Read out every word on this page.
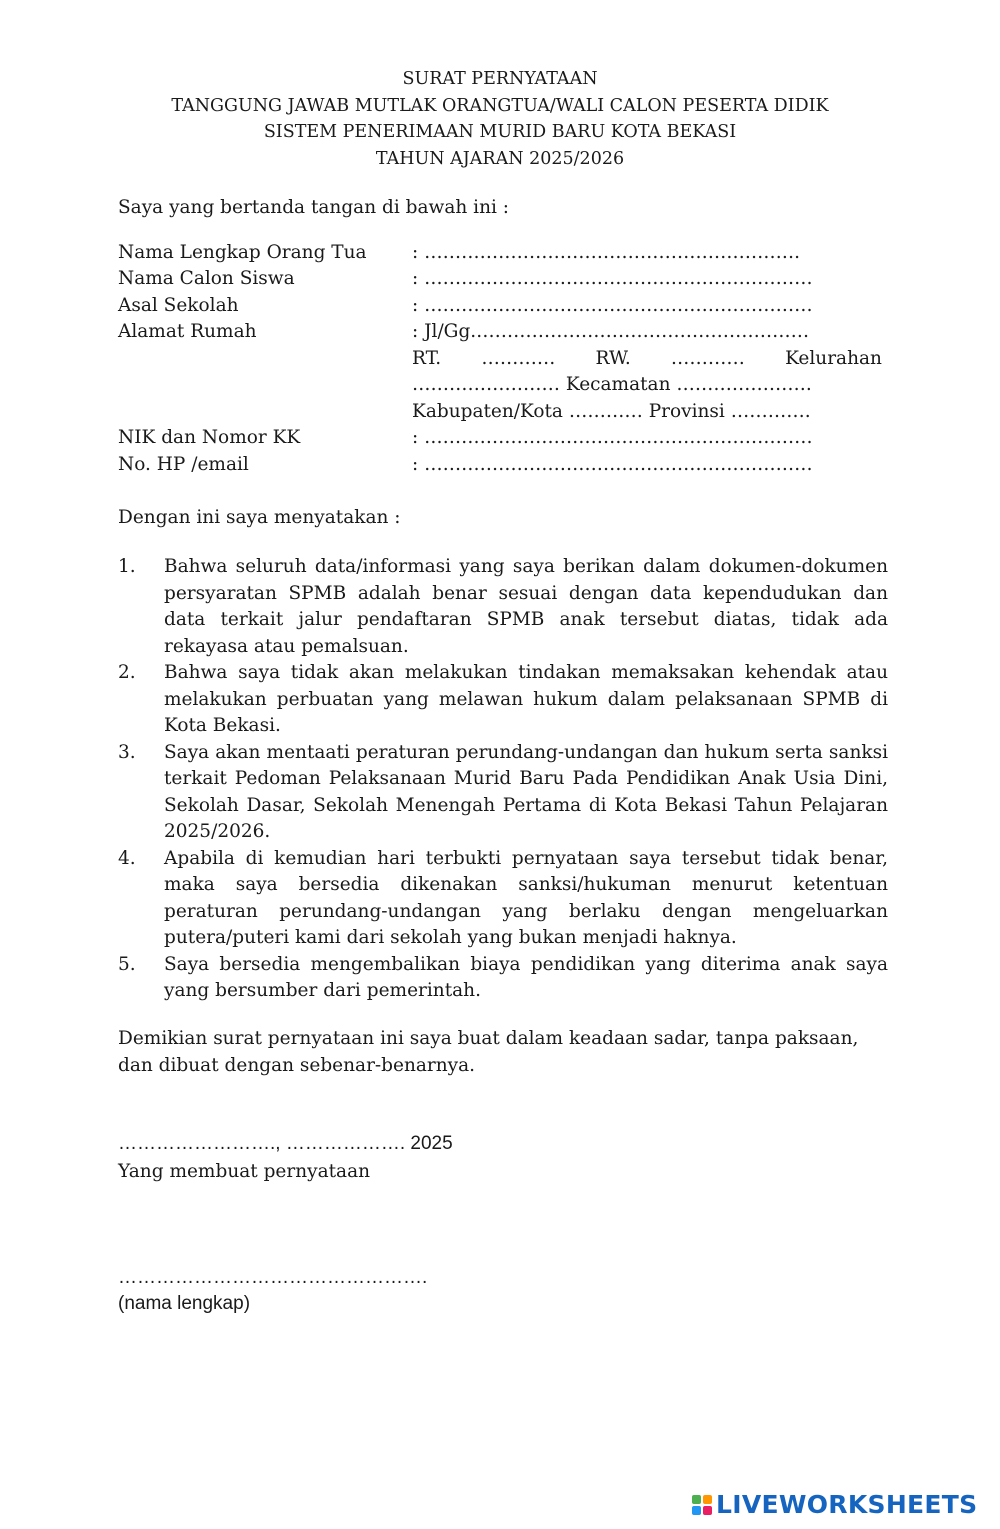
SURAT PERNYATAAN
TANGGUNG JAWAB MUTLAK ORANGTUA/WALI CALON PESERTA DIDIK
SISTEM PENERIMAAN MURID BARU KOTA BEKASI
TAHUN AJARAN 2025/2026
Saya yang bertanda tangan di bawah ini :
Nama Lengkap Orang Tua : …………………………………………………….
Nama Calon Siswa	: ………………………………………………………
Asal Sekolah	: ………………………………………………………
Alamat Rumah	: Jl/Gg.………………………………………………
RT. ………… RW. ………… Kelurahan
…………………… Kecamatan ………………….
Kabupaten/Kota ………… Provinsi ………….
NIK dan Nomor KK	: ………………………………………………………
No. HP /email	: ………………………………………………………
Dengan ini saya menyatakan :
1. Bahwa seluruh data/informasi yang saya berikan dalam dokumen-dokumen persyaratan SPMB adalah benar sesuai dengan data kependudukan dan data terkait jalur pendaftaran SPMB anak tersebut diatas, tidak ada rekayasa atau pemalsuan.
2. Bahwa saya tidak akan melakukan tindakan memaksakan kehendak atau melakukan perbuatan yang melawan hukum dalam pelaksanaan SPMB di Kota Bekasi.
3. Saya akan mentaati peraturan perundang-undangan dan hukum serta sanksi terkait Pedoman Pelaksanaan Murid Baru Pada Pendidikan Anak Usia Dini, Sekolah Dasar, Sekolah Menengah Pertama di Kota Bekasi Tahun Pelajaran 2025/2026.
4. Apabila di kemudian hari terbukti pernyataan saya tersebut tidak benar, maka saya bersedia dikenakan sanksi/hukuman menurut ketentuan peraturan perundang-undangan yang berlaku dengan mengeluarkan putera/puteri kami dari sekolah yang bukan menjadi haknya.
5. Saya bersedia mengembalikan biaya pendidikan yang diterima anak saya yang bersumber dari pemerintah.
Demikian surat pernyataan ini saya buat dalam keadaan sadar, tanpa paksaan, dan dibuat dengan sebenar-benarnya.
……………………., ………………. 2025
Yang membuat pernyataan
………………………………………….
(nama lengkap)
LIVEWORKSHEETS
